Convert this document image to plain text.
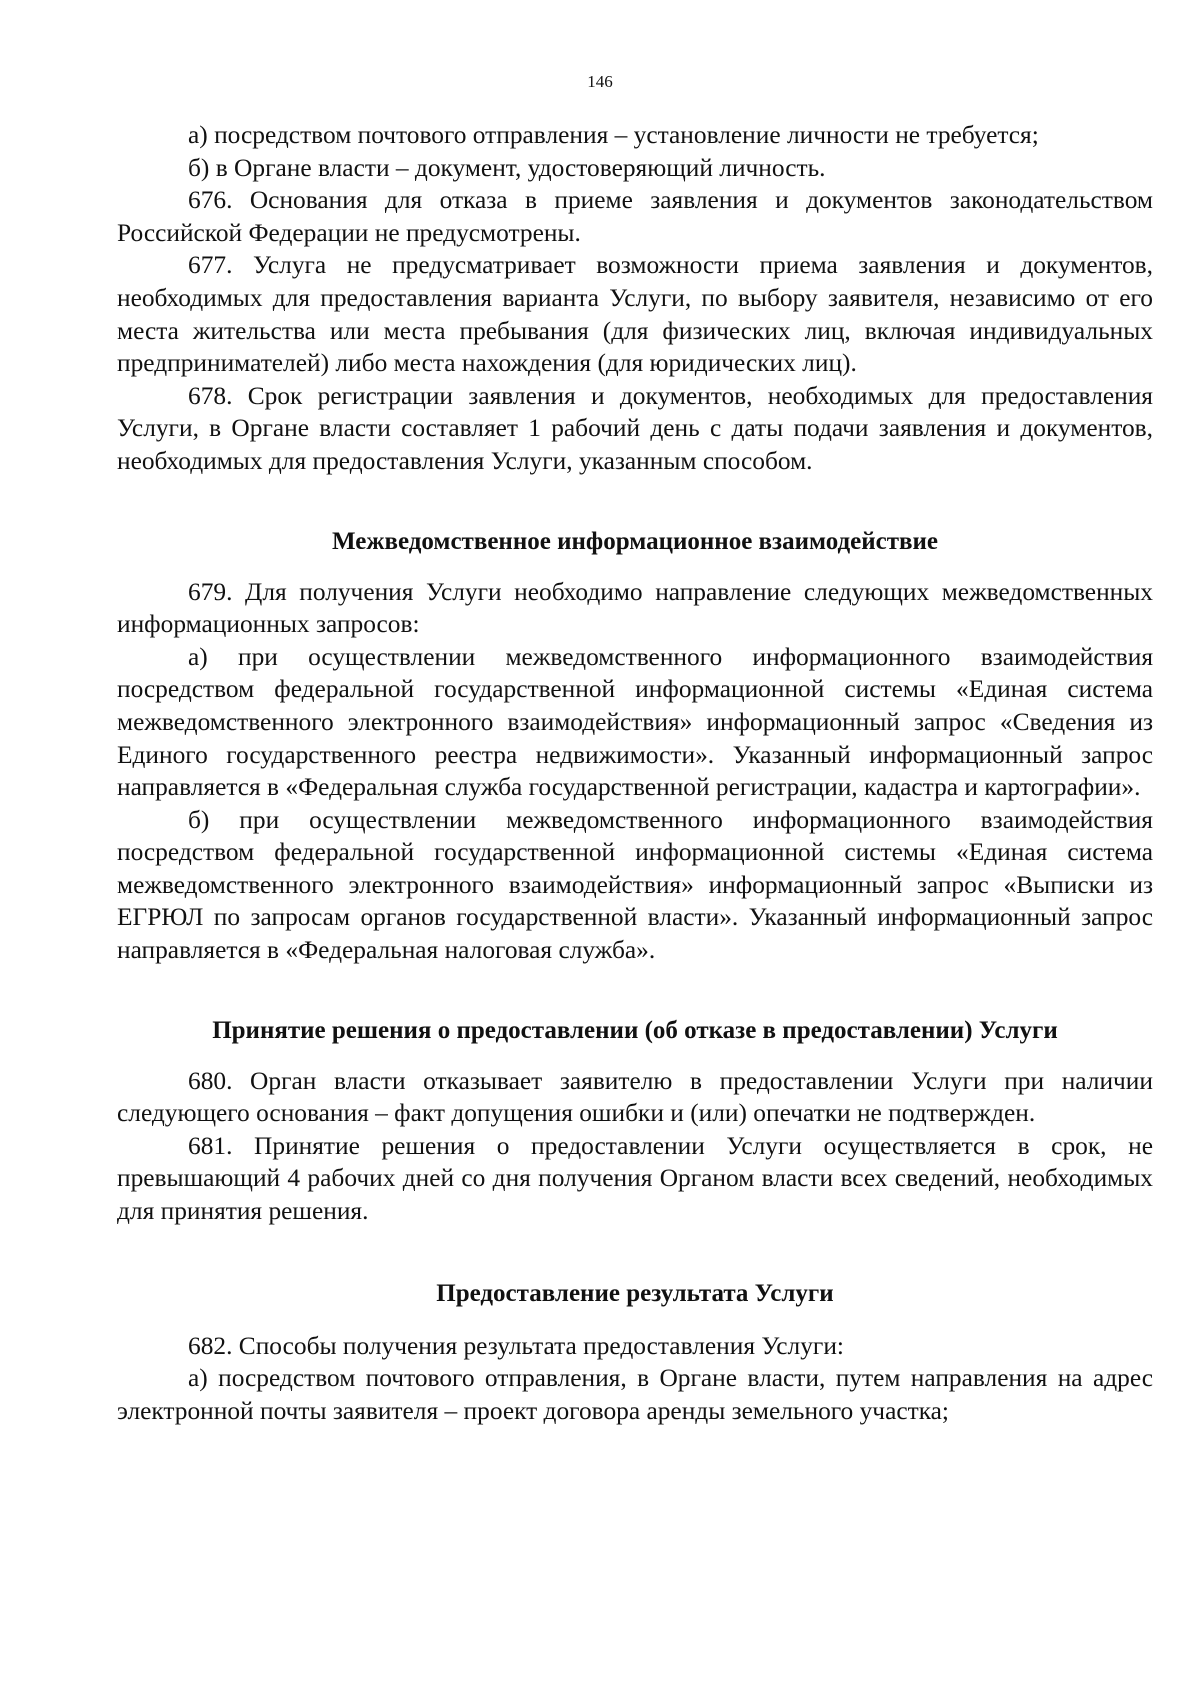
146

а) посредством почтового отправления – установление личности не требуется;

б) в Органе власти – документ, удостоверяющий личность.

676. Основания для отказа в приеме заявления и документов законодательством Российской Федерации не предусмотрены.

677. Услуга не предусматривает возможности приема заявления и документов, необходимых для предоставления варианта Услуги, по выбору заявителя, независимо от его места жительства или места пребывания (для физических лиц, включая индивидуальных предпринимателей) либо места нахождения (для юридических лиц).

678. Срок регистрации заявления и документов, необходимых для предоставления Услуги, в Органе власти составляет 1 рабочий день с даты подачи заявления и документов, необходимых для предоставления Услуги, указанным способом.

Межведомственное информационное взаимодействие

679. Для получения Услуги необходимо направление следующих межведомственных информационных запросов:

а) при осуществлении межведомственного информационного взаимодействия посредством федеральной государственной информационной системы «Единая система межведомственного электронного взаимодействия» информационный запрос «Сведения из Единого государственного реестра недвижимости». Указанный информационный запрос направляется в «Федеральная служба государственной регистрации, кадастра и картографии».

б) при осуществлении межведомственного информационного взаимодействия посредством федеральной государственной информационной системы «Единая система межведомственного электронного взаимодействия» информационный запрос «Выписки из ЕГРЮЛ по запросам органов государственной власти». Указанный информационный запрос направляется в «Федеральная налоговая служба».

Принятие решения о предоставлении (об отказе в предоставлении) Услуги

680. Орган власти отказывает заявителю в предоставлении Услуги при наличии следующего основания – факт допущения ошибки и (или) опечатки не подтвержден.

681. Принятие решения о предоставлении Услуги осуществляется в срок, не превышающий 4 рабочих дней со дня получения Органом власти всех сведений, необходимых для принятия решения.

Предоставление результата Услуги

682. Способы получения результата предоставления Услуги:

а) посредством почтового отправления, в Органе власти, путем направления на адрес электронной почты заявителя – проект договора аренды земельного участка;
